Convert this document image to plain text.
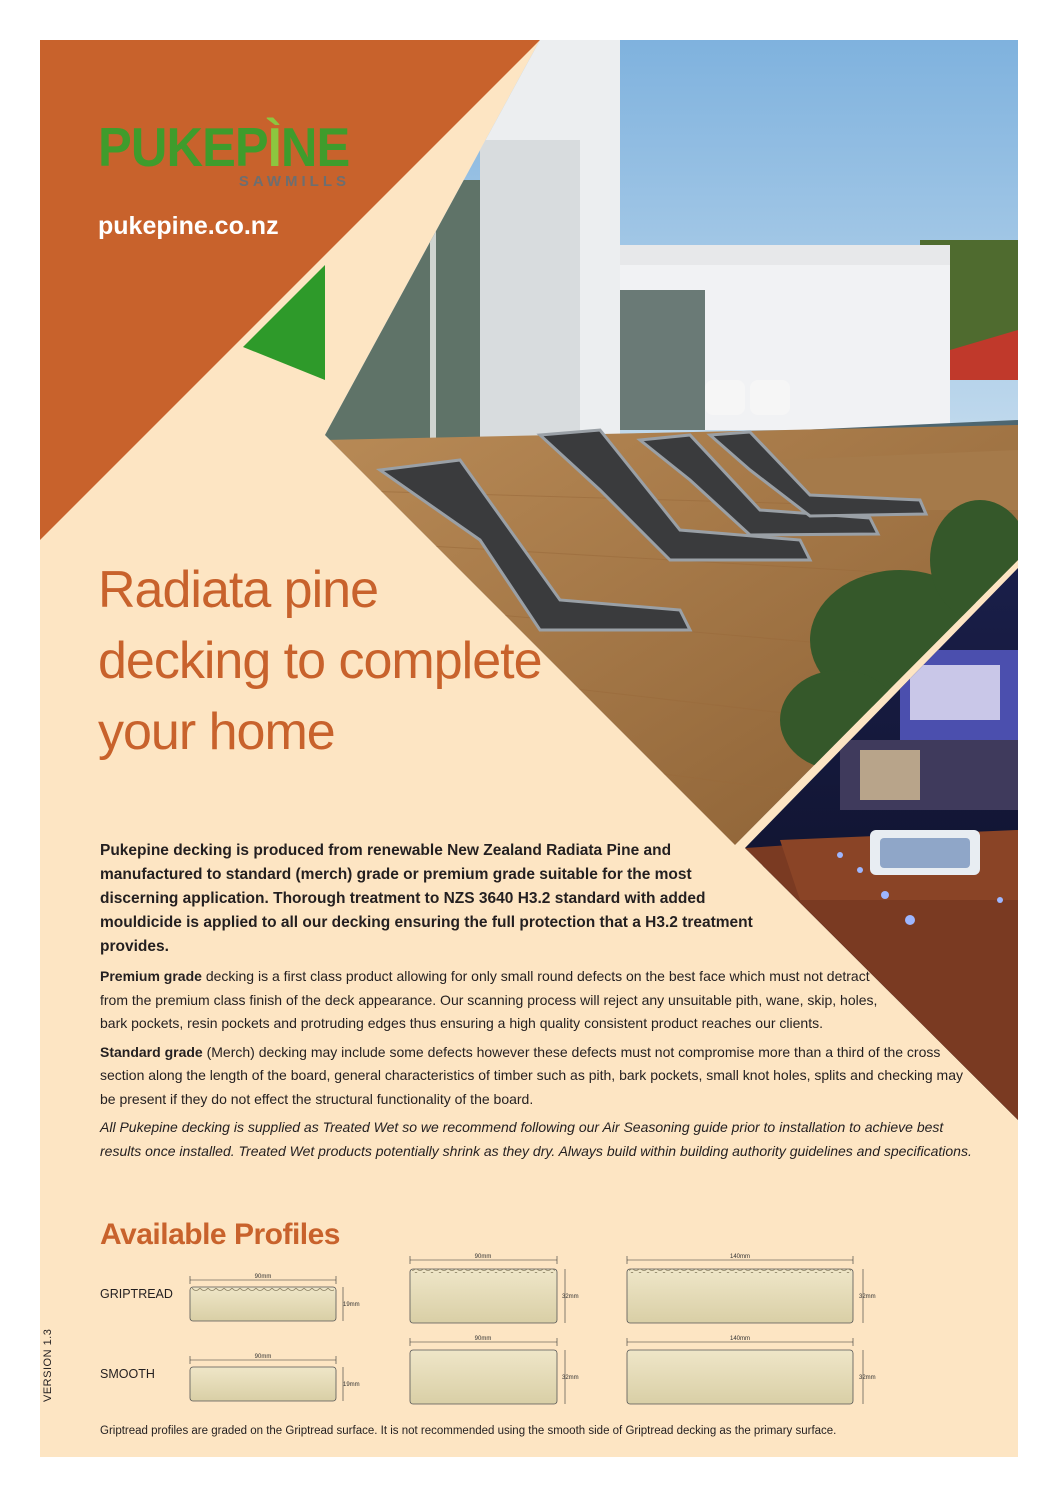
PUKEPÌNE
SAWMILLS
pukepine.co.nz
Radiata pine decking to complete your home

Pukepine decking is produced from renewable New Zealand Radiata Pine and manufactured to standard (merch) grade or premium grade suitable for the most discerning application. Thorough treatment to NZS 3640 H3.2 standard with added mouldicide is applied to all our decking ensuring the full protection that a H3.2 treatment provides.

Premium grade decking is a first class product allowing for only small round defects on the best face which must not detract from the premium class finish of the deck appearance. Our scanning process will reject any unsuitable pith, wane, skip, holes, bark pockets, resin pockets and protruding edges thus ensuring a high quality consistent product reaches our clients.

Standard grade (Merch) decking may include some defects however these defects must not compromise more than a third of the cross section along the length of the board, general characteristics of timber such as pith, bark pockets, small knot holes, splits and checking may be present if they do not effect the structural functionality of the board.

All Pukepine decking is supplied as Treated Wet so we recommend following our Air Seasoning guide prior to installation to achieve best results once installed. Treated Wet products potentially shrink as they dry. Always build within building authority guidelines and specifications.

Available Profiles
GRIPTREAD
SMOOTH
90mm
19mm
90mm
32mm
140mm
32mm
90mm
19mm
90mm
32mm
140mm
32mm
VERSION 1.3
Griptread profiles are graded on the Griptread surface. It is not recommended using the smooth side of Griptread decking as the primary surface.
